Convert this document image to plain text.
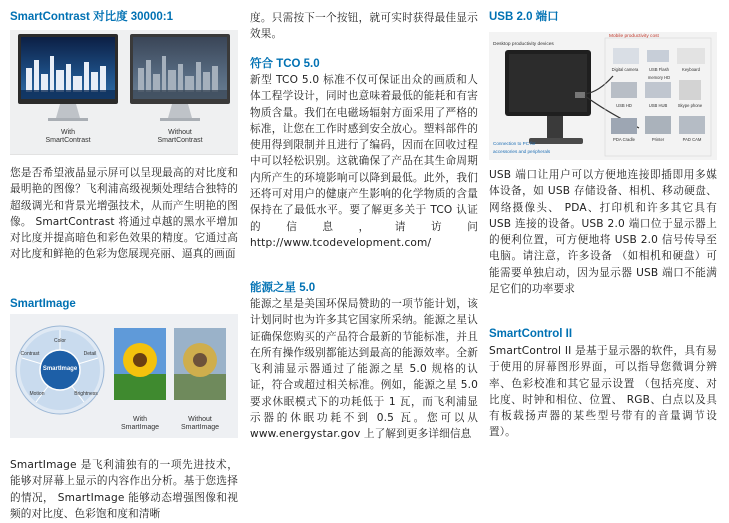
SmartContrast 对比度 30000:1
With
SmartContrast
Without
SmartContrast

您是否希望液晶显示屏可以呈现最高的对比度和最明艳的图像？飞利浦高级视频处理结合独特的超级调光和背景光增强技术，从而产生明艳的图像。 SmartContrast 将通过卓越的黑水平增加对比度并提高暗色和彩色效果的精度。它通过高对比度和鲜艳的色彩为您展现亮丽、逼真的画面

SmartImage
SmartImage
Color
Detail
Brightness
Contrast
Motion
With
SmartImage
Without
SmartImage

SmartImage 是飞利浦独有的一项先进技术，能够对屏幕上显示的内容作出分析。基于您选择的情况， SmartImage 能够动态增强图像和视频的对比度、色彩饱和度和清晰

度。只需按下一个按钮，就可实时获得最佳显示效果。

符合 TCO 5.0

新型 TCO 5.0 标准不仅可保证出众的画质和人体工程学设计，同时也意味着最低的能耗和有害物质含量。我们在电磁场辐射方面采用了严格的标准，让您在工作时感到安全放心。塑料部件的使用得到限制并且进行了编码，因而在回收过程中可以轻松识别。这就确保了产品在其生命周期内所产生的环境影响可以降到最低。此外，我们还将可对用户的健康产生影响的化学物质的含量保持在了最低水平。要了解更多关于 TCO 认证的信息，请访问 http://www.tcodevelopment.com/

能源之星 5.0

能源之星是美国环保局赞助的一项节能计划，该计划同时也为许多其它国家所采纳。能源之星认证确保您购买的产品符合最新的节能标准，并且在所有操作级别都能达到最高的能源效率。全新飞利浦显示器通过了能源之星 5.0 规格的认证，符合或超过相关标准。例如，能源之星 5.0 要求休眠模式下的功耗低于 1 瓦，而飞利浦显示器的休眠功耗不到 0.5 瓦。您可以从 www.energystar.gov 上了解到更多详细信息

USB 2.0 端口
Desktop productivity devices
Mobile productivity cost
Connection to PC for
accessories and peripherals
Digital camera	USB Flash memory HD
Keyboard
USB HD	USB HUB	Skype phone
PDA Cradle	Printer	PAD CAM

USB 端口让用户可以方便地连接即插即用多媒体设备，如 USB 存储设备、相机、移动硬盘、网络摄像头、 PDA、打印机和许多其它具有 USB 连接的设备。USB 2.0 端口位于显示器上的便利位置，可方便地将 USB 2.0 信号传导至电脑。请注意，许多设备 （如相机和硬盘）可能需要单独启动，因为显示器 USB 端口不能满足它们的功率要求

SmartControl II

SmartControl II 是基于显示器的软件，具有易于使用的屏幕图形界面，可以指导您微调分辨率、色彩校准和其它显示设置 （包括亮度、对比度、时钟和相位、位置、 RGB、白点以及具有板载扬声器的某些型号带有的音量调节设置）。
